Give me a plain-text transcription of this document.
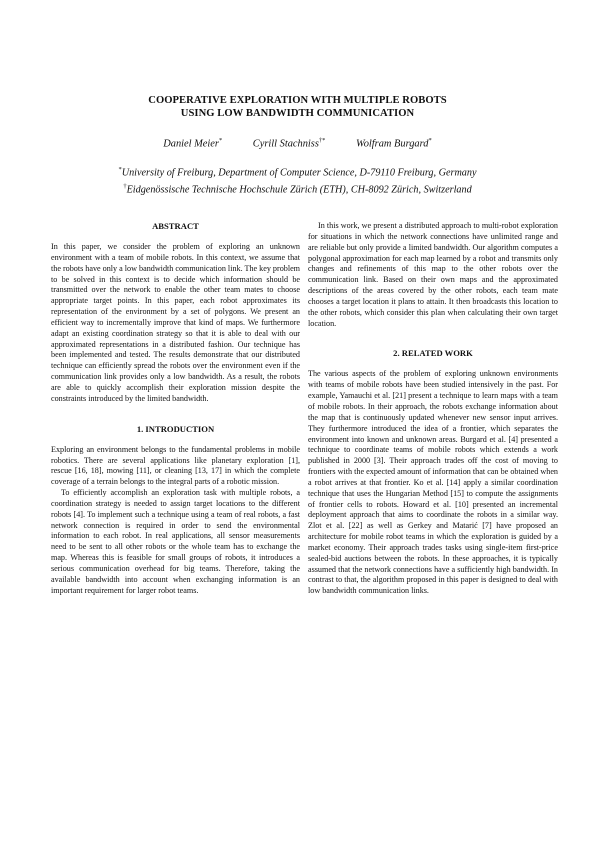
COOPERATIVE EXPLORATION WITH MULTIPLE ROBOTS
USING LOW BANDWIDTH COMMUNICATION
Daniel Meier*	Cyrill Stachniss†*	Wolfram Burgard*
*University of Freiburg, Department of Computer Science, D-79110 Freiburg, Germany
†Eidgenössische Technische Hochschule Zürich (ETH), CH-8092 Zürich, Switzerland
ABSTRACT

In this paper, we consider the problem of exploring an unknown environment with a team of mobile robots. In this context, we assume that the robots have only a low bandwidth communication link. The key problem to be solved in this context is to decide which information should be transmitted over the network to enable the other team mates to choose appropriate target points. In this paper, each robot approximates its representation of the environment by a set of polygons. We present an efficient way to incrementally improve that kind of maps. We furthermore adapt an existing coordination strategy so that it is able to deal with our approximated representations in a distributed fashion. Our technique has been implemented and tested. The results demonstrate that our distributed technique can efficiently spread the robots over the environment even if the communication link provides only a low bandwidth. As a result, the robots are able to quickly accomplish their exploration mission despite the constraints introduced by the limited bandwidth.

1. INTRODUCTION

Exploring an environment belongs to the fundamental problems in mobile robotics. There are several applications like planetary exploration [1], rescue [16, 18], mowing [11], or cleaning [13, 17] in which the complete coverage of a terrain belongs to the integral parts of a robotic mission.

To efficiently accomplish an exploration task with multiple robots, a coordination strategy is needed to assign target locations to the different robots [4]. To implement such a technique using a team of real robots, a fast network connection is required in order to send the environmental information to each robot. In real applications, all sensor measurements need to be sent to all other robots or the whole team has to exchange the map. Whereas this is feasible for small groups of robots, it introduces a serious communication overhead for big teams. Therefore, taking the available bandwidth into account when exchanging information is an important requirement for larger robot teams.

In this work, we present a distributed approach to multi-robot exploration for situations in which the network connections have unlimited range and are reliable but only provide a limited bandwidth. Our algorithm computes a polygonal approximation for each map learned by a robot and transmits only changes and refinements of this map to the other robots over the communication link. Based on their own maps and the approximated descriptions of the areas covered by the other robots, each team mate chooses a target location it plans to attain. It then broadcasts this location to the other robots, which consider this plan when calculating their own target location.

2. RELATED WORK

The various aspects of the problem of exploring unknown environments with teams of mobile robots have been studied intensively in the past. For example, Yamauchi et al. [21] present a technique to learn maps with a team of mobile robots. In their approach, the robots exchange information about the map that is continuously updated whenever new sensor input arrives. They furthermore introduced the idea of a frontier, which separates the environment into known and unknown areas. Burgard et al. [4] presented a technique to coordinate teams of mobile robots which extends a work published in 2000 [3]. Their approach trades off the cost of moving to frontiers with the expected amount of information that can be obtained when a robot arrives at that frontier. Ko et al. [14] apply a similar coordination technique that uses the Hungarian Method [15] to compute the assignments of frontier cells to robots. Howard et al. [10] presented an incremental deployment approach that aims to coordinate the robots in a similar way. Zlot et al. [22] as well as Gerkey and Matarić [7] have proposed an architecture for mobile robot teams in which the exploration is guided by a market economy. Their approach trades tasks using single-item first-price sealed-bid auctions between the robots. In these approaches, it is typically assumed that the network connections have a sufficiently high bandwidth. In contrast to that, the algorithm proposed in this paper is designed to deal with low bandwidth communication links.
